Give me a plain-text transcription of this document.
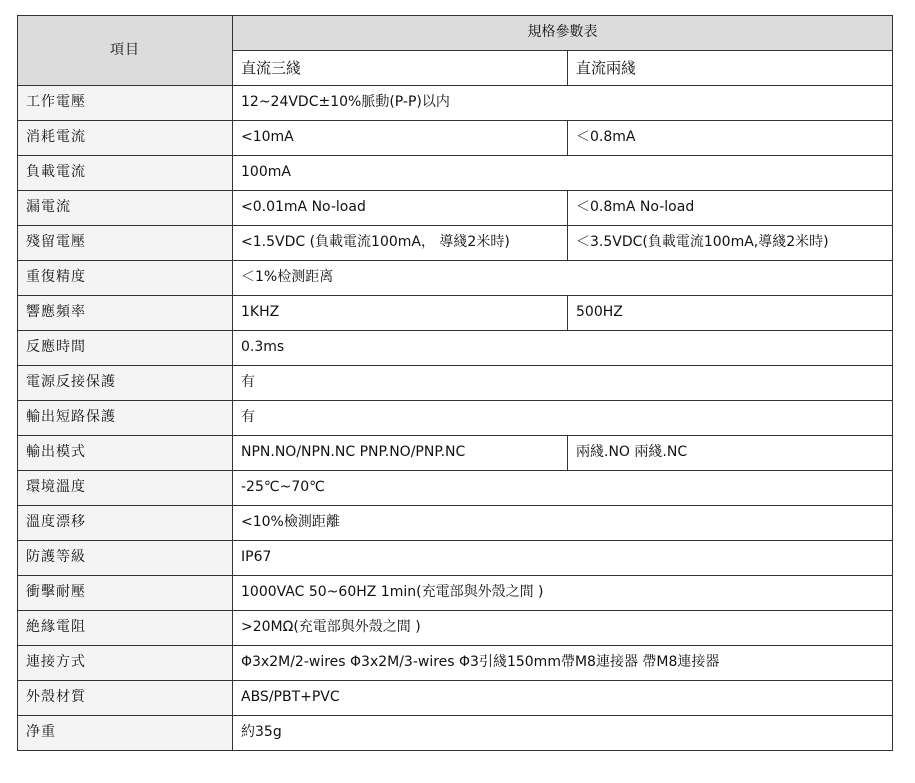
項目	規格參數表	
	直流三綫	直流兩綫
工作電壓	12~24VDC±10%脈動(P-P)以内	
消耗電流	<10mA	＜0.8mA
負載電流	100mA	
漏電流	<0.01mA No-load	＜0.8mA No-load
殘留電壓	<1.5VDC (負載電流100mA， 導綫2米時)	＜3.5VDC(負載電流100mA,導綫2米時)
重復精度	＜1%检测距离	
響應頻率	1KHZ	500HZ
反應時間	0.3ms	
電源反接保護	有	
輸出短路保護	有	
輸出模式	NPN.NO/NPN.NC PNP.NO/PNP.NC	兩綫.NO 兩綫.NC
環境溫度	-25℃~70℃	
溫度漂移	<10%檢測距離	
防護等級	IP67	
衝擊耐壓	1000VAC 50~60HZ 1min(充電部與外殼之間 )	
絶緣電阻	>20MΩ(充電部與外殼之間 )	
連接方式	Φ3x2M/2-wires Φ3x2M/3-wires Φ3引綫150mm帶M8連接器 帶M8連接器	
外殼材質	ABS/PBT+PVC	
净重	約35g	
